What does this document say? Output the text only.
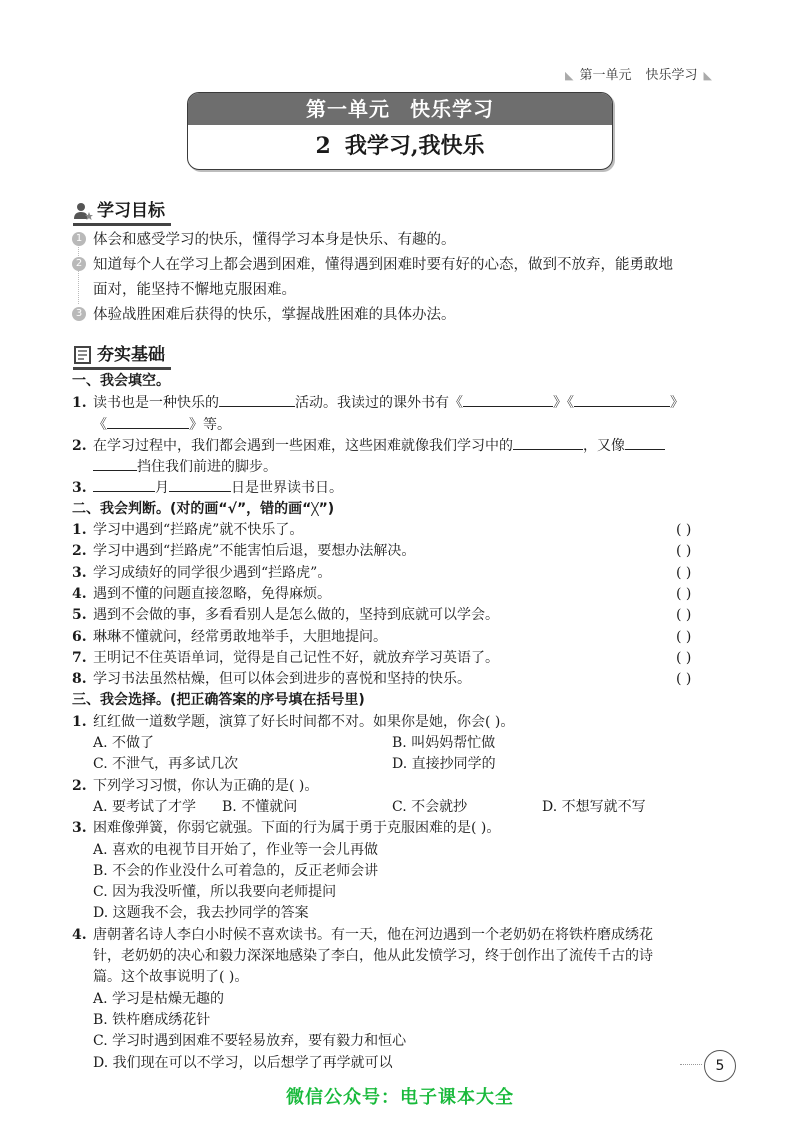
◣ 第一单元 快乐学习 ◣
第一单元 快乐学习
2 我学习,我快乐
学习目标
1 体会和感受学习的快乐，懂得学习本身是快乐、有趣的。
2 知道每个人在学习上都会遇到困难，懂得遇到困难时要有好的心态，做到不放弃，能勇敢地
面对，能坚持不懈地克服困难。
3 体验战胜困难后获得的快乐，掌握战胜困难的具体办法。
夯实基础
一、我会填空。
1. 读书也是一种快乐的	活动。我读过的课外书有《	》《	》
《	》等。
2. 在学习过程中，我们都会遇到一些困难，这些困难就像我们学习中的	，又像
挡住我们前进的脚步。
3.	月	日是世界读书日。
二、我会判断。(对的画“√”，错的画“╳”)
1. 学习中遇到“拦路虎”就不快乐了。	( )
2. 学习中遇到“拦路虎”不能害怕后退，要想办法解决。	( )
3. 学习成绩好的同学很少遇到“拦路虎”。	( )
4. 遇到不懂的问题直接忽略，免得麻烦。	( )
5. 遇到不会做的事，多看看别人是怎么做的，坚持到底就可以学会。	( )
6. 琳琳不懂就问，经常勇敢地举手，大胆地提问。	( )
7. 王明记不住英语单词，觉得是自己记性不好，就放弃学习英语了。	( )
8. 学习书法虽然枯燥，但可以体会到进步的喜悦和坚持的快乐。	( )
三、我会选择。(把正确答案的序号填在括号里)
1. 红红做一道数学题，演算了好长时间都不对。如果你是她，你会( )。
A. 不做了	B. 叫妈妈帮忙做
C. 不泄气，再多试几次	D. 直接抄同学的
2. 下列学习习惯，你认为正确的是( )。
A. 要考试了才学 B. 不懂就问	C. 不会就抄	D. 不想写就不写
3. 困难像弹簧，你弱它就强。下面的行为属于勇于克服困难的是( )。
A. 喜欢的电视节目开始了，作业等一会儿再做
B. 不会的作业没什么可着急的，反正老师会讲
C. 因为我没听懂，所以我要向老师提问
D. 这题我不会，我去抄同学的答案
4. 唐朝著名诗人李白小时候不喜欢读书。有一天，他在河边遇到一个老奶奶在将铁杵磨成绣花
针，老奶奶的决心和毅力深深地感染了李白，他从此发愤学习，终于创作出了流传千古的诗
篇。这个故事说明了( )。
A. 学习是枯燥无趣的
B. 铁杵磨成绣花针
C. 学习时遇到困难不要轻易放弃，要有毅力和恒心
D. 我们现在可以不学习，以后想学了再学就可以	5
微信公众号：电子课本大全
